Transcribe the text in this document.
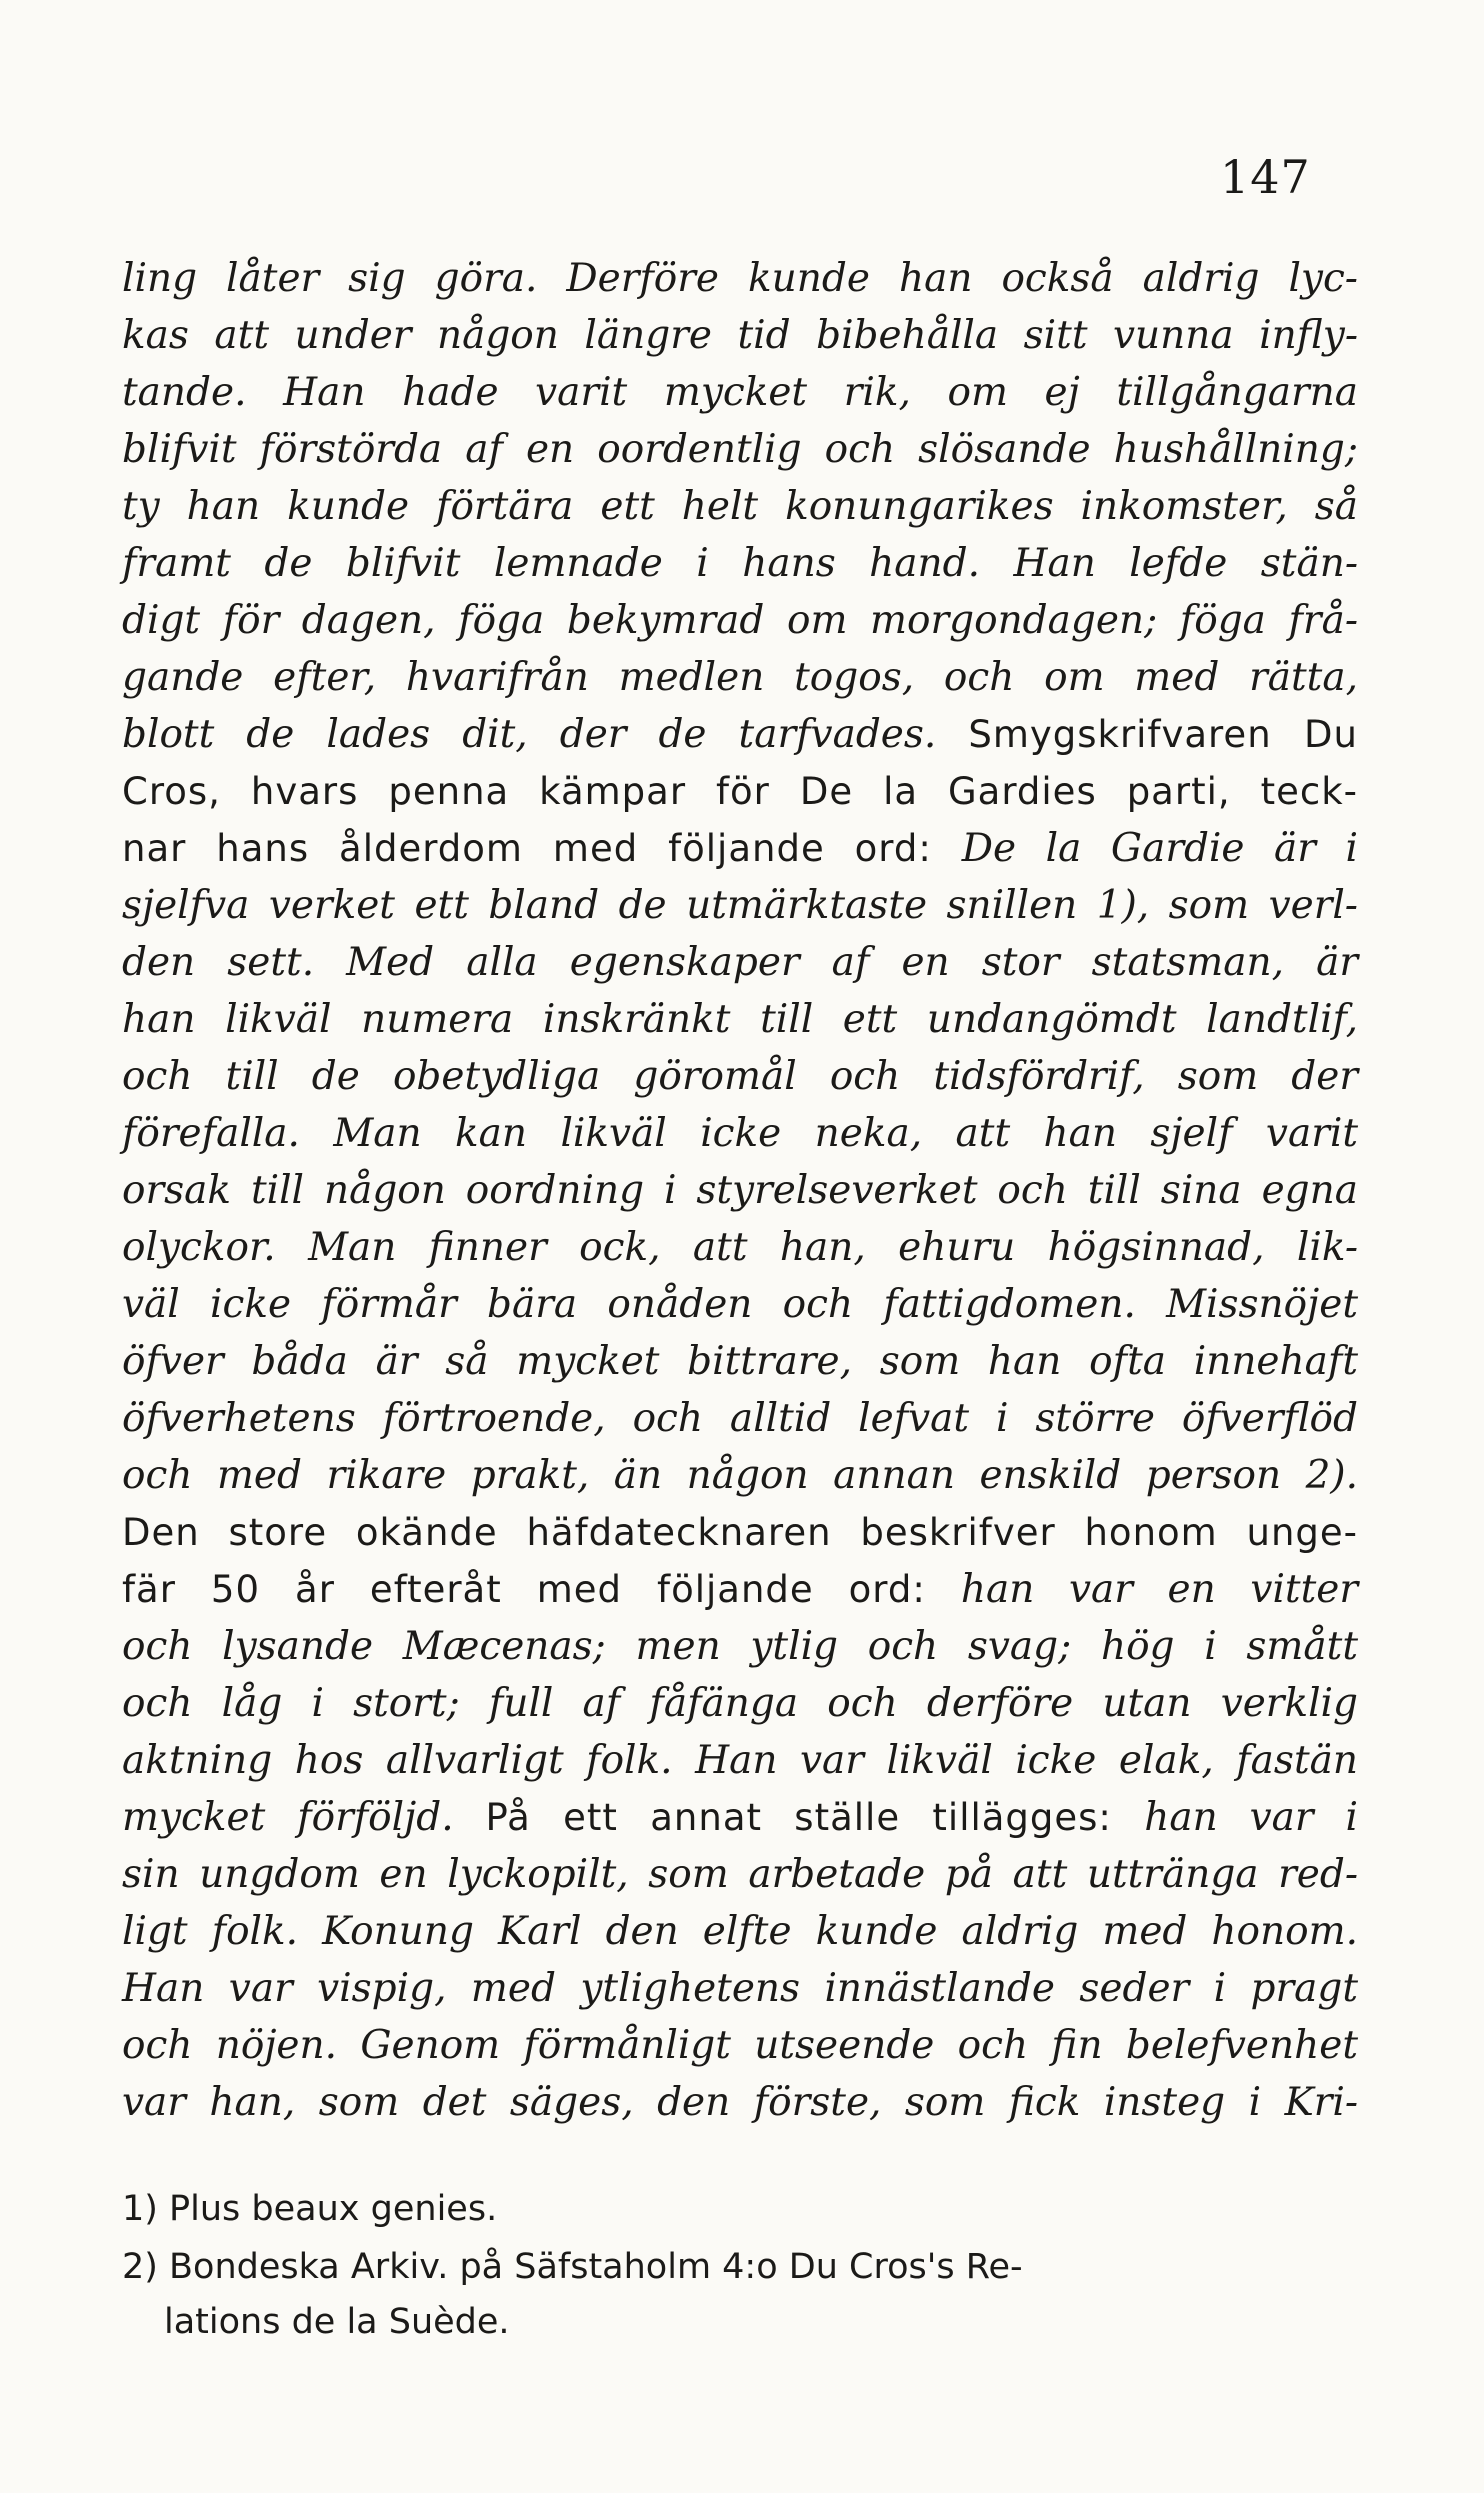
147
ling låter sig göra. Derföre kunde han också aldrig lyc-
kas att under någon längre tid bibehålla sitt vunna infly-
tande. Han hade varit mycket rik, om ej tillgångarna
blifvit förstörda af en oordentlig och slösande hushållning;
ty han kunde förtära ett helt konungarikes inkomster, så
framt de blifvit lemnade i hans hand. Han lefde stän-
digt för dagen, föga bekymrad om morgondagen; föga frå-
gande efter, hvarifrån medlen togos, och om med rätta,
blott de lades dit, der de tarfvades. Smygskrifvaren Du
Cros, hvars penna kämpar för De la Gardies parti, teck-
nar hans ålderdom med följande ord: De la Gardie är i
sjelfva verket ett bland de utmärktaste snillen 1), som verl-
den sett. Med alla egenskaper af en stor statsman, är
han likväl numera inskränkt till ett undangömdt landtlif,
och till de obetydliga göromål och tidsfördrif, som der
förefalla. Man kan likväl icke neka, att han sjelf varit
orsak till någon oordning i styrelseverket och till sina egna
olyckor. Man finner ock, att han, ehuru högsinnad, lik-
väl icke förmår bära onåden och fattigdomen. Missnöjet
öfver båda är så mycket bittrare, som han ofta innehaft
öfverhetens förtroende, och alltid lefvat i större öfverflöd
och med rikare prakt, än någon annan enskild person 2).
Den store okände häfdatecknaren beskrifver honom unge-
fär 50 år efteråt med följande ord: han var en vitter
och lysande Mæcenas; men ytlig och svag; hög i smått
och låg i stort; full af fåfänga och derföre utan verklig
aktning hos allvarligt folk. Han var likväl icke elak, fastän
mycket förföljd. På ett annat ställe tillägges: han var i
sin ungdom en lyckopilt, som arbetade på att uttränga red-
ligt folk. Konung Karl den elfte kunde aldrig med honom.
Han var vispig, med ytlighetens innästlande seder i pragt
och nöjen. Genom förmånligt utseende och fin belefvenhet
var han, som det säges, den förste, som fick insteg i Kri-
1) Plus beaux genies.
2) Bondeska Arkiv. på Säfstaholm 4:o Du Cros's Re-
lations de la Suède.
